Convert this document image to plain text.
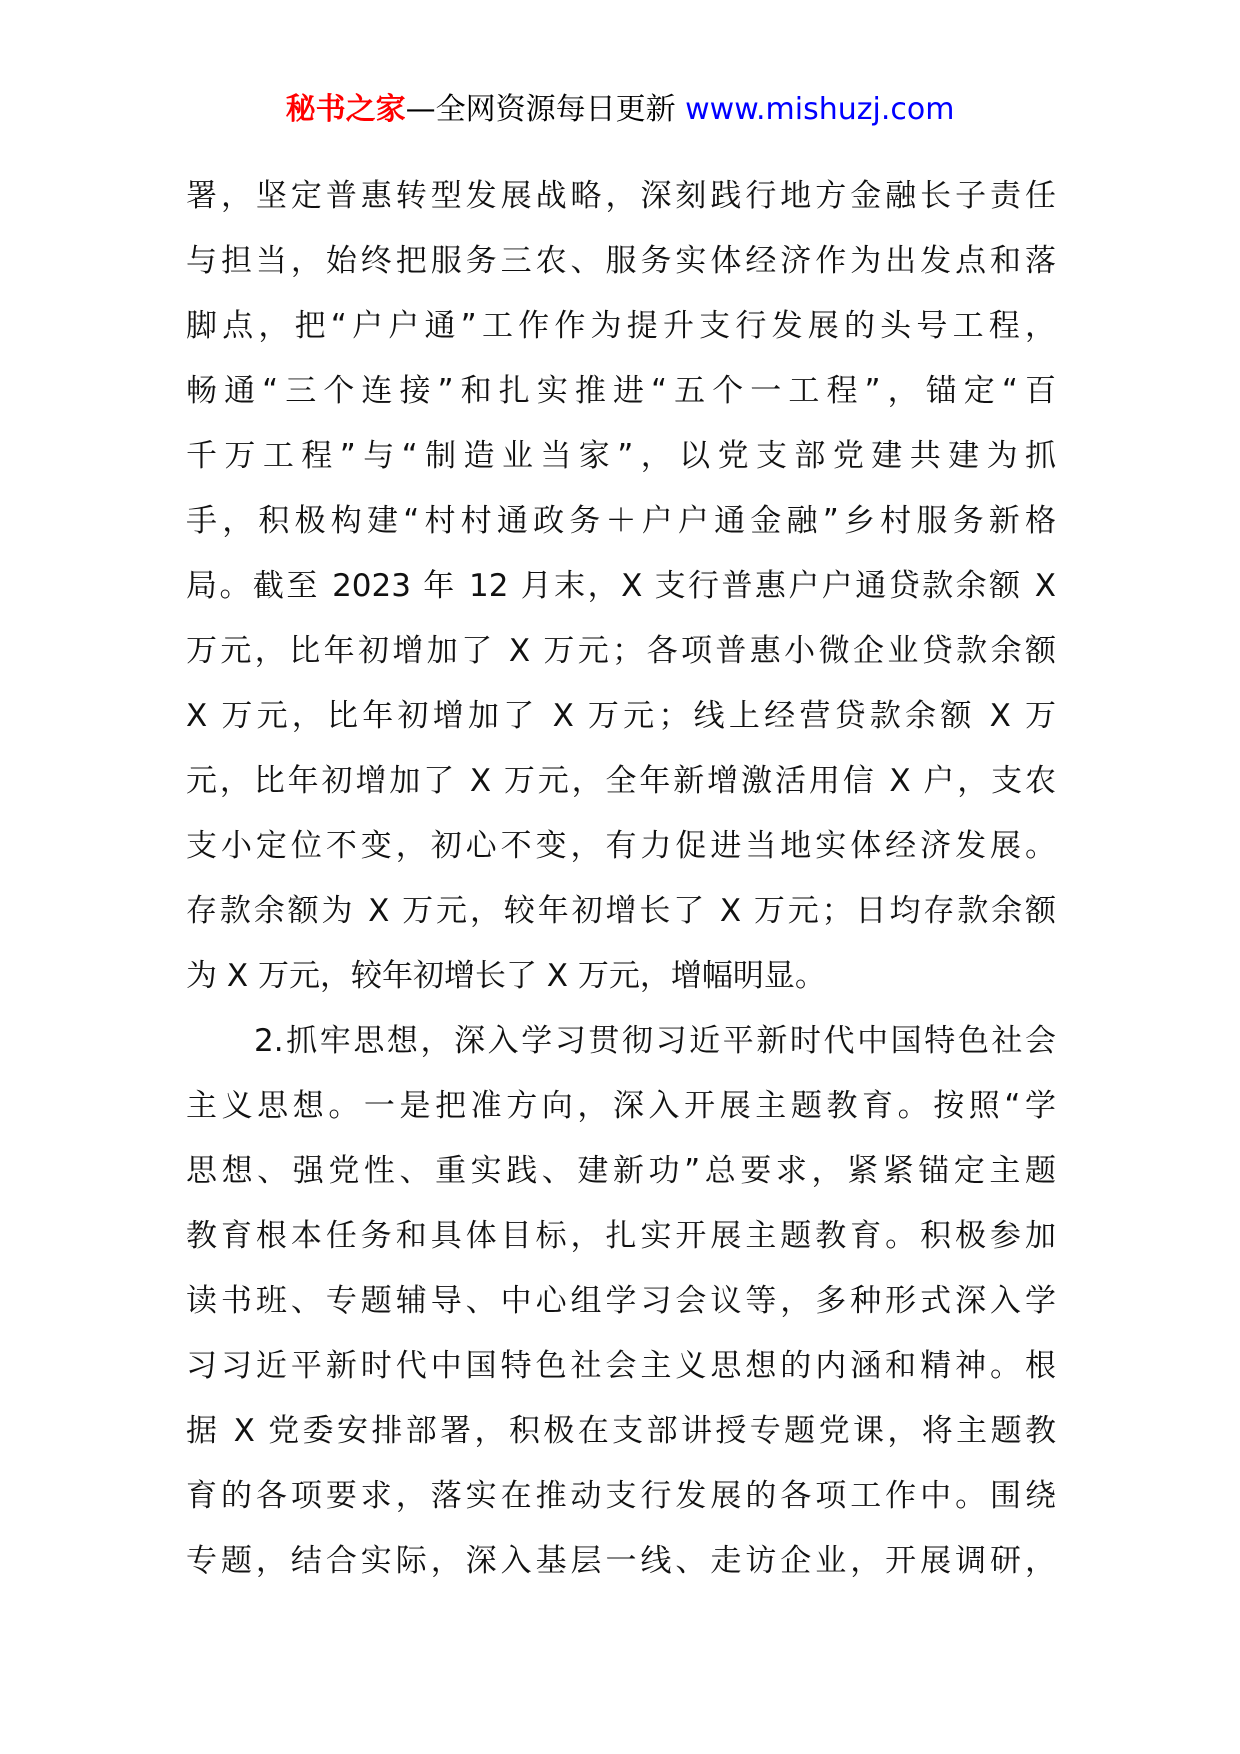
秘书之家—全网资源每日更新 www.mishuzj.com
署，坚定普惠转型发展战略，深刻践行地方金融长子责任
与担当，始终把服务三农、服务实体经济作为出发点和落
脚点，把“户户通”工作作为提升支行发展的头号工程，
畅通“三个连接”和扎实推进“五个一工程”，锚定“百
千万工程”与“制造业当家”，以党支部党建共建为抓
手，积极构建“村村通政务＋户户通金融”乡村服务新格
局。截至 2023 年 12 月末，X 支行普惠户户通贷款余额 X
万元，比年初增加了 X 万元；各项普惠小微企业贷款余额
X 万元，比年初增加了 X 万元；线上经营贷款余额 X 万
元，比年初增加了 X 万元，全年新增激活用信 X 户，支农
支小定位不变，初心不变，有力促进当地实体经济发展。
存款余额为 X 万元，较年初增长了 X 万元；日均存款余额
为 X 万元，较年初增长了 X 万元，增幅明显。
2.抓牢思想，深入学习贯彻习近平新时代中国特色社会
主义思想。一是把准方向，深入开展主题教育。按照“学
思想、强党性、重实践、建新功”总要求，紧紧锚定主题
教育根本任务和具体目标，扎实开展主题教育。积极参加
读书班、专题辅导、中心组学习会议等，多种形式深入学
习习近平新时代中国特色社会主义思想的内涵和精神。根
据 X 党委安排部署，积极在支部讲授专题党课，将主题教
育的各项要求，落实在推动支行发展的各项工作中。围绕
专题，结合实际，深入基层一线、走访企业，开展调研，
